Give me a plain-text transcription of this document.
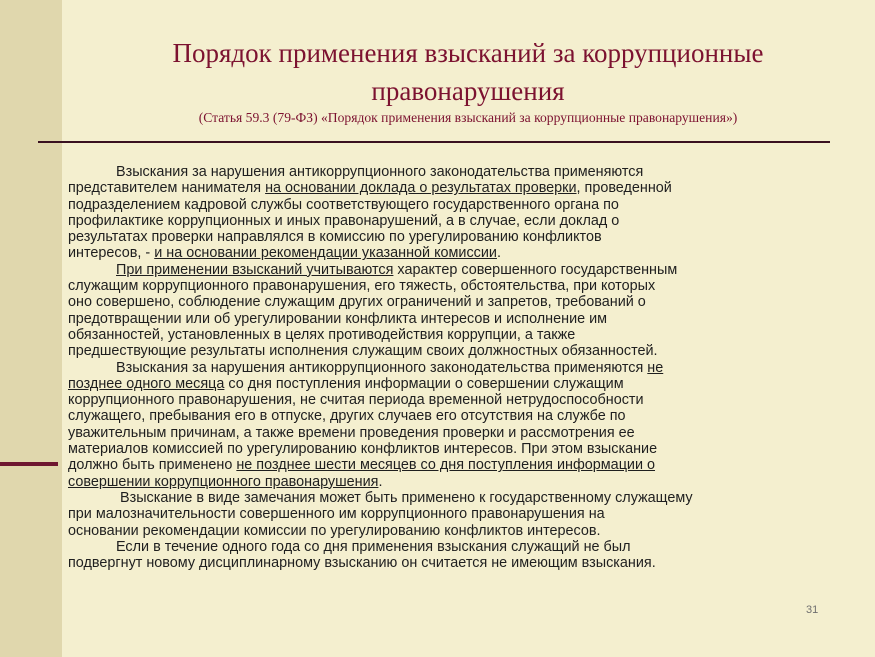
Порядок применения взысканий за коррупционные
правонарушения
(Статья 59.3 (79-ФЗ) «Порядок применения взысканий за коррупционные правонарушения»)
Взыскания за нарушения антикоррупционного законодательства применяются
представителем нанимателя на основании доклада о результатах проверки, проведенной
подразделением кадровой службы соответствующего государственного органа по
профилактике коррупционных и иных правонарушений, а в случае, если доклад о
результатах проверки направлялся в комиссию по урегулированию конфликтов
интересов, - и на основании рекомендации указанной комиссии.
При применении взысканий учитываются характер совершенного государственным
служащим коррупционного правонарушения, его тяжесть, обстоятельства, при которых
оно совершено, соблюдение служащим других ограничений и запретов, требований о
предотвращении или об урегулировании конфликта интересов и исполнение им
обязанностей, установленных в целях противодействия коррупции, а также
предшествующие результаты исполнения служащим своих должностных обязанностей.
Взыскания за нарушения антикоррупционного законодательства применяются не
позднее одного месяца со дня поступления информации о совершении служащим
коррупционного правонарушения, не считая периода временной нетрудоспособности
служащего, пребывания его в отпуске, других случаев его отсутствия на службе по
уважительным причинам, а также времени проведения проверки и рассмотрения ее
материалов комиссией по урегулированию конфликтов интересов. При этом взыскание
должно быть применено не позднее шести месяцев со дня поступления информации о
совершении коррупционного правонарушения.
Взыскание в виде замечания может быть применено к государственному служащему
при малозначительности совершенного им коррупционного правонарушения на
основании рекомендации комиссии по урегулированию конфликтов интересов.
Если в течение одного года со дня применения взыскания служащий не был
подвергнут новому дисциплинарному взысканию он считается не имеющим взыскания.
31
